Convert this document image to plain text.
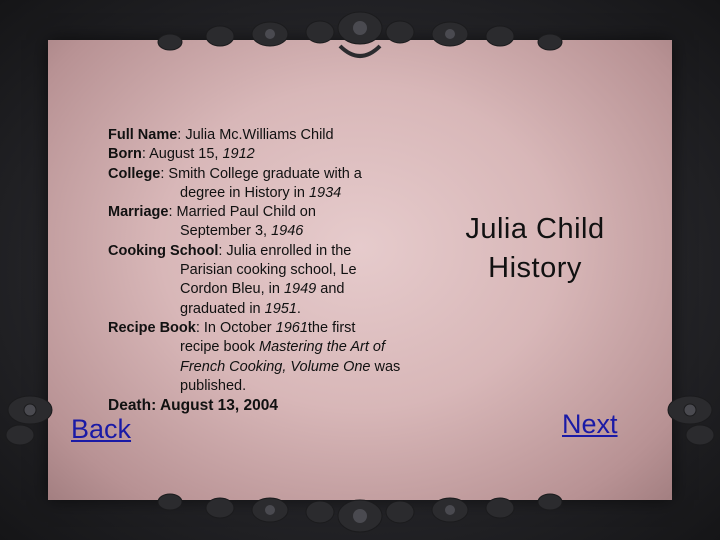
Full Name: Julia Mc.Williams Child

Born: August 15, 1912

College: Smith College graduate with a
degree in History in 1934

Marriage: Married Paul Child on
September 3, 1946

Cooking School: Julia enrolled in the
Parisian cooking school, Le
Cordon Bleu, in 1949 and
graduated in 1951.

Recipe Book: In October 1961the first
recipe book Mastering the Art of
French Cooking, Volume One was
published.

Death: August 13, 2004

Julia Child
History
Back	Next
